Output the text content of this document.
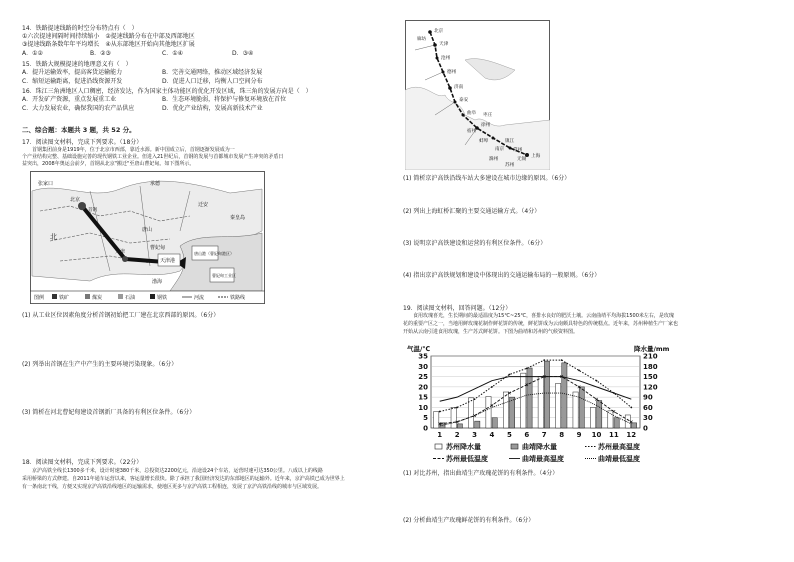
14．铁路提速线路的时空分布特点有（　）
①六次提速间隔时间持续缩小　②提速线路分布在中部及西部地区
③提速线路条数年年平均增长　④从东部地区开始向其他地区扩展
A．①②	B．②③	C．①④	D．③④
15．铁路大规模提速的地理意义有（　）
A．提升运输效率，提高客货运输能力	B．完善交通网络，推动区域经济发展
C．缩短运输距离，促进沿线资源开发	D．促进人口迁移，均衡人口空间分布
16．珠江三角洲地区人口稠密，经济发达，作为国家主体功能区的优化开发区域，珠三角的发展方向是（　）
A．开发矿产资源，重点发展重工业	B．生态环境脆弱，将保护与修复环境放在首位
C．大力发展农业，确保我国的农产品供应	D．优化产业结构，发展高新技术产业
二、综合题：本题共 3 题，共 52 分。
17．阅读图文材料，完成下列要求。（18分）
　　首钢集团前身是1919年，位于北京市西部，靠近水源。新中国成立后，首钢逐渐发展成为一
个产业结构完整、基础设施完善的现代钢铁工业企业。但进入21世纪后，首钢的发展与首都城市发展产生冲突的矛盾日
益突出，2008年奥运会前夕，首钢从北京"搬迁"至唐山曹妃甸。如下图所示。
图例	铁矿	煤炭	石油	钢铁	河流	铁路线
北
北京
天津
唐山
曹妃甸
天津港
唐山港（曹妃甸港区）
曹妃甸工业区
渤海
承德
张家口
秦皇岛
迁安
首钢
(1) 从工业区位因素角度分析首钢初始把工厂建在北京西部的原因。（6分）
(2) 列举出首钢在生产中产生的主要环境污染现象。（6分）
(3) 简析在河北曹妃甸建设首钢新厂具备的有利区位条件。（6分）
18．阅读图文材料，完成下列要求。（22分）
　　京沪高铁全线长1300多千米，设计时速380千米，总投资达2200亿元，沿途设24个车站，运营时速可达350公里。八成以上的线路
采用桥梁的方式修建。自2011年通车运营以来，客运量增长很快。除了承担了我国经济发达的东部地区的运输外。近年来，京沪高铁已成为世界上
有一条南北干线，方便又实现京沪高铁沿线地区的运输需求，使地区更多与京沪高铁工程相连，发展了京沪高铁沿线的城市与区域发展。
北京
天津
沧州
德州
济南
泰安
曲阜
徐州
蚌埠
南京
镇江
常州
无锡
苏州
上海
枣庄
宿州
滁州
廊坊
(1) 简析京沪高铁沿线车站大多建设在城市边缘的原因。（6分）
(2) 列出上海虹桥汇聚的主要交通运输方式。（4分）
(3) 说明京沪高铁建设和运营的有利区位条件。（6分）
(4) 指出京沪高铁规划和建设中体现出的交通运输布局的一般原则。（6分）
19．阅读图文材料，回答问题。（12分）
　　食用玫瑰喜光，生长期间的最适温度为15℃~25℃，喜排水良好的肥沃土壤。云南曲靖平均海拔1500米左右，是玫瑰
花的重要产区之一，当地用鲜玫瑰花制作鲜花饼的传统，鲜花饼成为云南颇具特色的传统糕点。近年来，苏州种植生产厂家也
开始从云南引进食用玫瑰，生产苏式鲜花饼。下图为曲靖和苏州的气候资料图。
0
5
10
15
20
25
30
35
0
30
60
90
120
150
180
210
气温/℃	降水量/mm
1 2 3 4 5 6 7 8 9 10 11 12
苏州降水量	曲靖降水量	苏州最高温度
苏州最低温度	曲靖最高温度	曲靖最低温度
(1) 对比苏州，指出曲靖生产玫瑰花饼的有利条件。（4分）
(2) 分析曲靖生产玫瑰鲜花饼的有利条件。（6分）
